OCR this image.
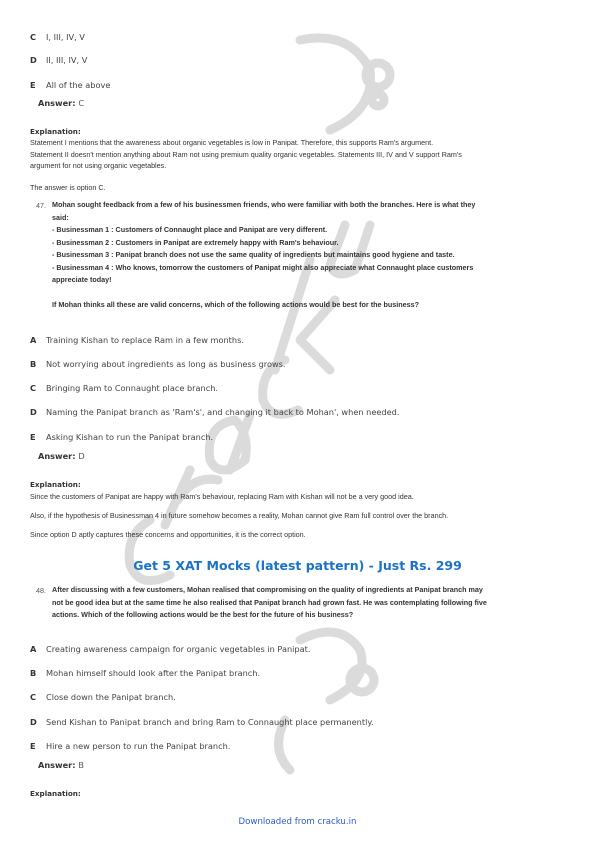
C I, III, IV, V
D II, III, IV, V
E All of the above
Answer: C
Explanation:
Statement I mentions that the awareness about organic vegetables is low in Panipat. Therefore, this supports Ram's argument.
Statement II doesn't mention anything about Ram not using premium quality organic vegetables. Statements III, IV and V support Ram's
argument for not using organic vegetables.
The answer is option C.
47. Mohan sought feedback from a few of his businessmen friends, who were familiar with both the branches. Here is what they
said:
- Businessman 1 : Customers of Connaught place and Panipat are very different.
- Businessman 2 : Customers in Panipat are extremely happy with Ram's behaviour.
- Businessman 3 : Panipat branch does not use the same quality of ingredients but maintains good hygiene and taste.
- Businessman 4 : Who knows, tomorrow the customers of Panipat might also appreciate what Connaught place customers
appreciate today!
If Mohan thinks all these are valid concerns, which of the following actions would be best for the business?
A Training Kishan to replace Ram in a few months.
B Not worrying about ingredients as long as business grows.
C Bringing Ram to Connaught place branch.
D Naming the Panipat branch as 'Ram's', and changing it back to Mohan', when needed.
E Asking Kishan to run the Panipat branch.
Answer: D
Explanation:
Since the customers of Panipat are happy with Ram's behaviour, replacing Ram with Kishan will not be a very good idea.
Also, if the hypothesis of Businessman 4 in future somehow becomes a reality, Mohan cannot give Ram full control over the branch.
Since option D aptly captures these concerns and opportunities, it is the correct option.
Get 5 XAT Mocks (latest pattern) - Just Rs. 299
48. After discussing with a few customers, Mohan realised that compromising on the quality of ingredients at Panipat branch may
not be good idea but at the same time he also realised that Panipat branch had grown fast. He was contemplating following five
actions. Which of the following actions would be the best for the future of his business?
A Creating awareness campaign for organic vegetables in Panipat.
B Mohan himself should look after the Panipat branch.
C Close down the Panipat branch.
D Send Kishan to Panipat branch and bring Ram to Connaught place permanently.
E Hire a new person to run the Panipat branch.
Answer: B
Explanation:
Downloaded from cracku.in
